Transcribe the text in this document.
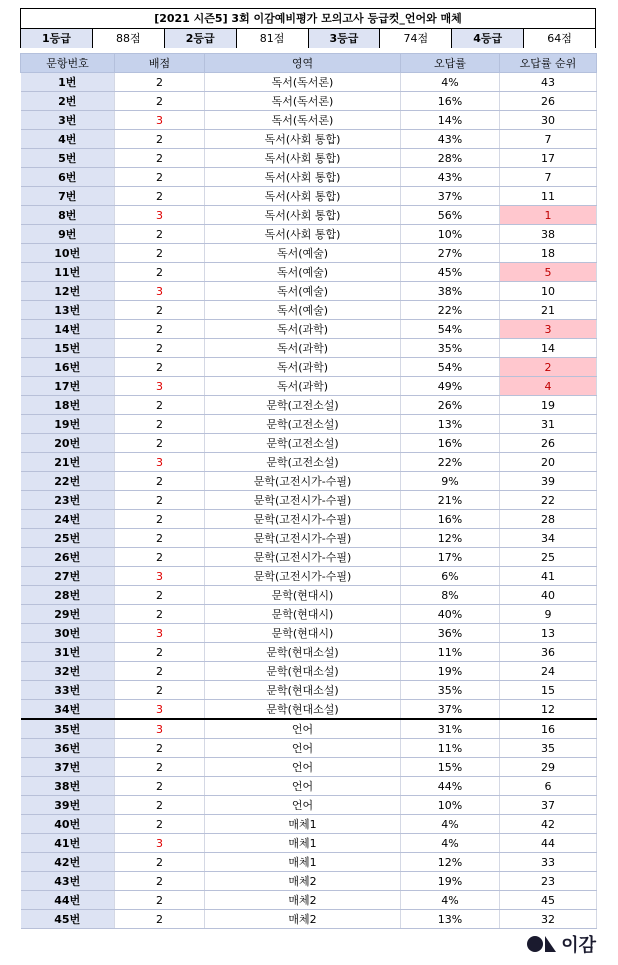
[2021 시즌5] 3회 이감예비평가 모의고사 등급컷_언어와 매체
1등급	88점	2등급	81점	3등급	74점	4등급	64점
문항번호	배점	영역	오답률	오답률 순위
1번	2	독서(독서론)	4%	43
2번	2	독서(독서론)	16%	26
3번	3	독서(독서론)	14%	30
4번	2	독서(사회 통합)	43%	7
5번	2	독서(사회 통합)	28%	17
6번	2	독서(사회 통합)	43%	7
7번	2	독서(사회 통합)	37%	11
8번	3	독서(사회 통합)	56%	1
9번	2	독서(사회 통합)	10%	38
10번	2	독서(예술)	27%	18
11번	2	독서(예술)	45%	5
12번	3	독서(예술)	38%	10
13번	2	독서(예술)	22%	21
14번	2	독서(과학)	54%	3
15번	2	독서(과학)	35%	14
16번	2	독서(과학)	54%	2
17번	3	독서(과학)	49%	4
18번	2	문학(고전소설)	26%	19
19번	2	문학(고전소설)	13%	31
20번	2	문학(고전소설)	16%	26
21번	3	문학(고전소설)	22%	20
22번	2	문학(고전시가-수필)	9%	39
23번	2	문학(고전시가-수필)	21%	22
24번	2	문학(고전시가-수필)	16%	28
25번	2	문학(고전시가-수필)	12%	34
26번	2	문학(고전시가-수필)	17%	25
27번	3	문학(고전시가-수필)	6%	41
28번	2	문학(현대시)	8%	40
29번	2	문학(현대시)	40%	9
30번	3	문학(현대시)	36%	13
31번	2	문학(현대소설)	11%	36
32번	2	문학(현대소설)	19%	24
33번	2	문학(현대소설)	35%	15
34번	3	문학(현대소설)	37%	12
35번	3	언어	31%	16
36번	2	언어	11%	35
37번	2	언어	15%	29
38번	2	언어	44%	6
39번	2	언어	10%	37
40번	2	매체1	4%	42
41번	3	매체1	4%	44
42번	2	매체1	12%	33
43번	2	매체2	19%	23
44번	2	매체2	4%	45
45번	2	매체2	13%	32
이감
